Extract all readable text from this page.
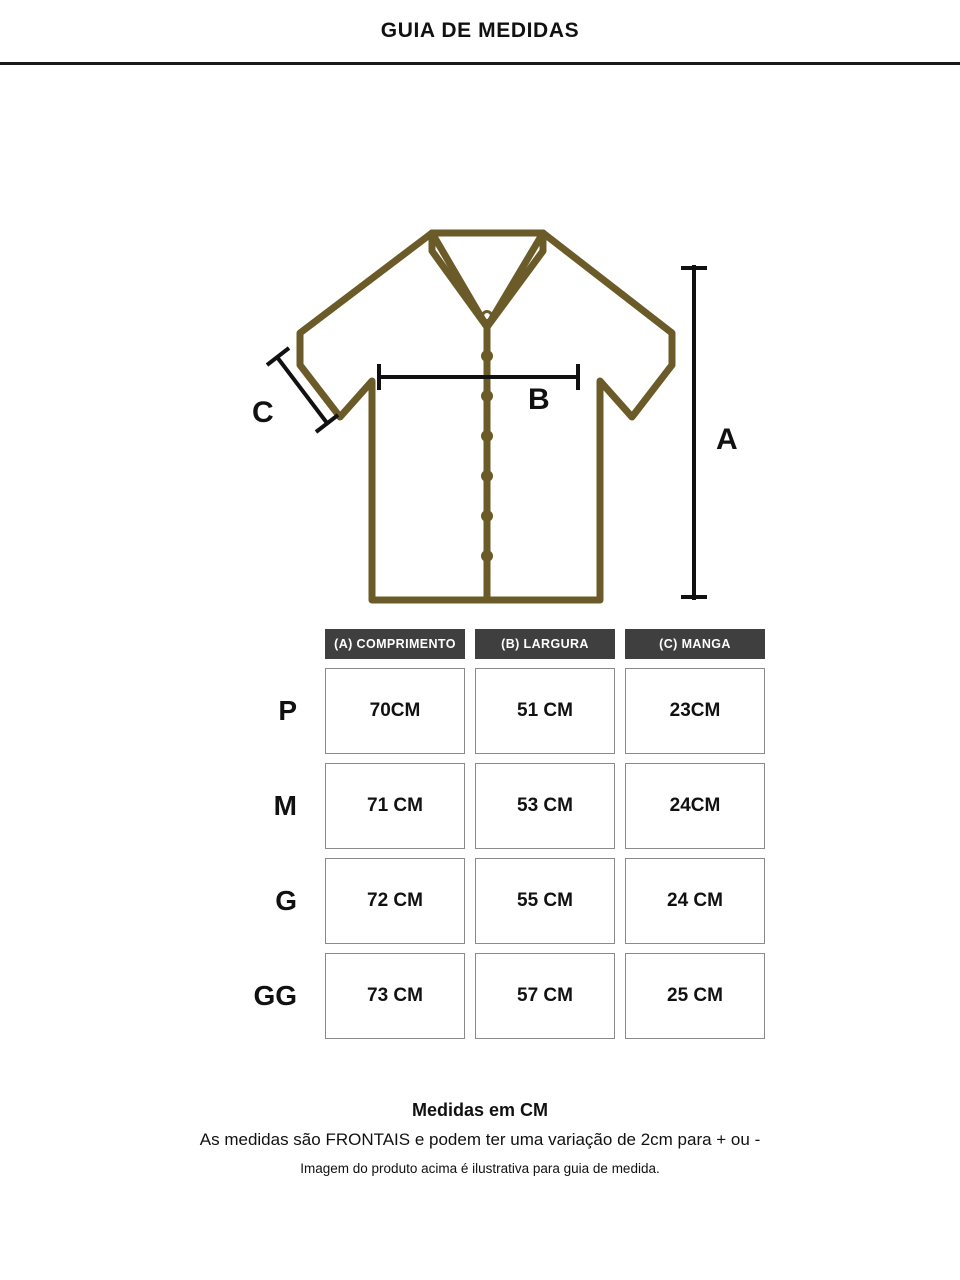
GUIA DE MEDIDAS
A
B
C
	(A) COMPRIMENTO	(B) LARGURA	(C) MANGA
P	70CM	51 CM	23CM
M	71 CM	53 CM	24CM
G	72 CM	55 CM	24 CM
GG	73 CM	57 CM	25 CM
Medidas em CM
As medidas são FRONTAIS e podem ter uma variação de 2cm para + ou -
Imagem do produto acima é ilustrativa para guia de medida.
